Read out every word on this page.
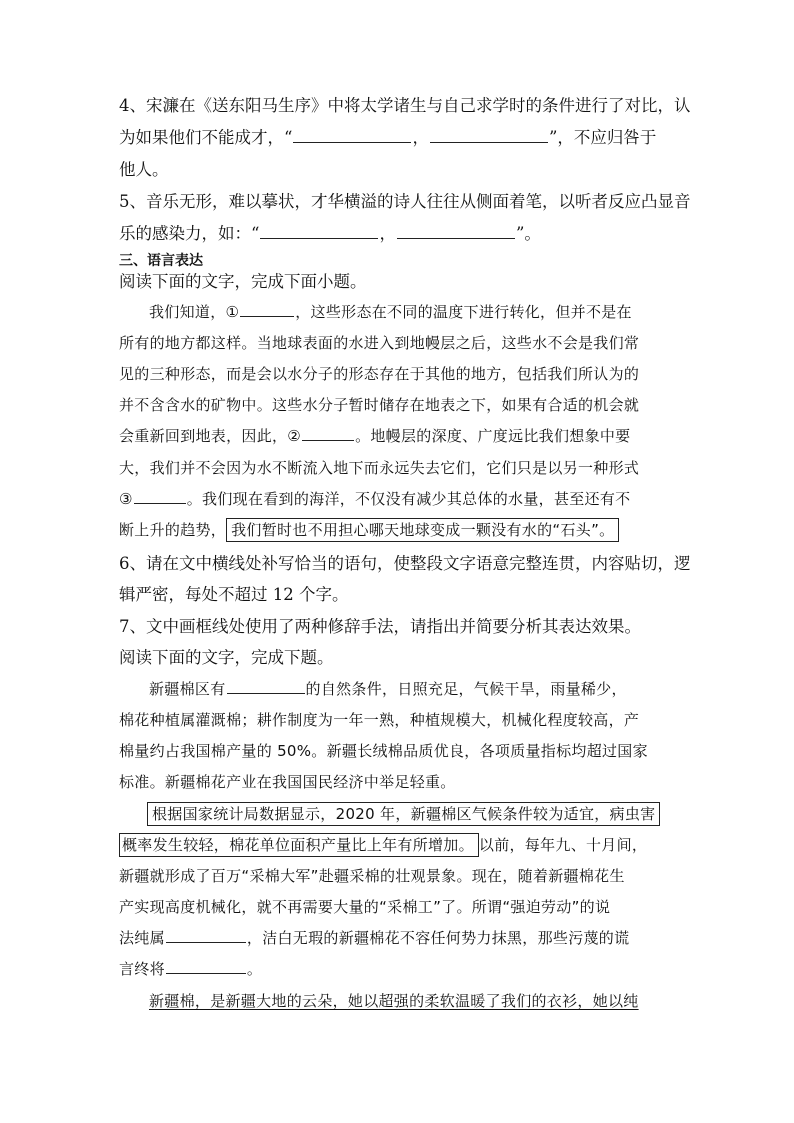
4、宋濂在《送东阳马生序》中将太学诸生与自己求学时的条件进行了对比，认
为如果他们不能成才，“	，	”，不应归咎于
他人。
5、音乐无形，难以摹状，才华横溢的诗人往往从侧面着笔，以听者反应凸显音
乐的感染力，如：“	，	”。
三、语言表达
阅读下面的文字，完成下面小题。
我们知道，①	，这些形态在不同的温度下进行转化，但并不是在
所有的地方都这样。当地球表面的水进入到地幔层之后，这些水不会是我们常
见的三种形态，而是会以水分子的形态存在于其他的地方，包括我们所认为的
并不含含水的矿物中。这些水分子暂时储存在地表之下，如果有合适的机会就
会重新回到地表，因此，②	。地幔层的深度、广度远比我们想象中要
大，我们并不会因为水不断流入地下而永远失去它们，它们只是以另一种形式
③	。我们现在看到的海洋，不仅没有减少其总体的水量，甚至还有不
断上升的趋势， 我们暂时也不用担心哪天地球变成一颗没有水的“石头”。
6、请在文中横线处补写恰当的语句，使整段文字语意完整连贯，内容贴切，逻
辑严密，每处不超过 12 个字。
7、文中画框线处使用了两种修辞手法，请指出并简要分析其表达效果。
阅读下面的文字，完成下题。
新疆棉区有	的自然条件，日照充足，气候干旱，雨量稀少，
棉花种植属灌溉棉；耕作制度为一年一熟，种植规模大，机械化程度较高，产
棉量约占我国棉产量的 50%。新疆长绒棉品质优良，各项质量指标均超过国家
标准。新疆棉花产业在我国国民经济中举足轻重。
根据国家统计局数据显示，2020 年，新疆棉区气候条件较为适宜，病虫害
概率发生较轻，棉花单位面积产量比上年有所增加。 以前，每年九、十月间，
新疆就形成了百万“采棉大军”赴疆采棉的壮观景象。现在，随着新疆棉花生
产实现高度机械化，就不再需要大量的“采棉工”了。所谓“强迫劳动”的说
法纯属	，洁白无瑕的新疆棉花不容任何势力抹黑，那些污蔑的谎
言终将	。
新疆棉，是新疆大地的云朵，她以超强的柔软温暖了我们的衣衫，她以纯
